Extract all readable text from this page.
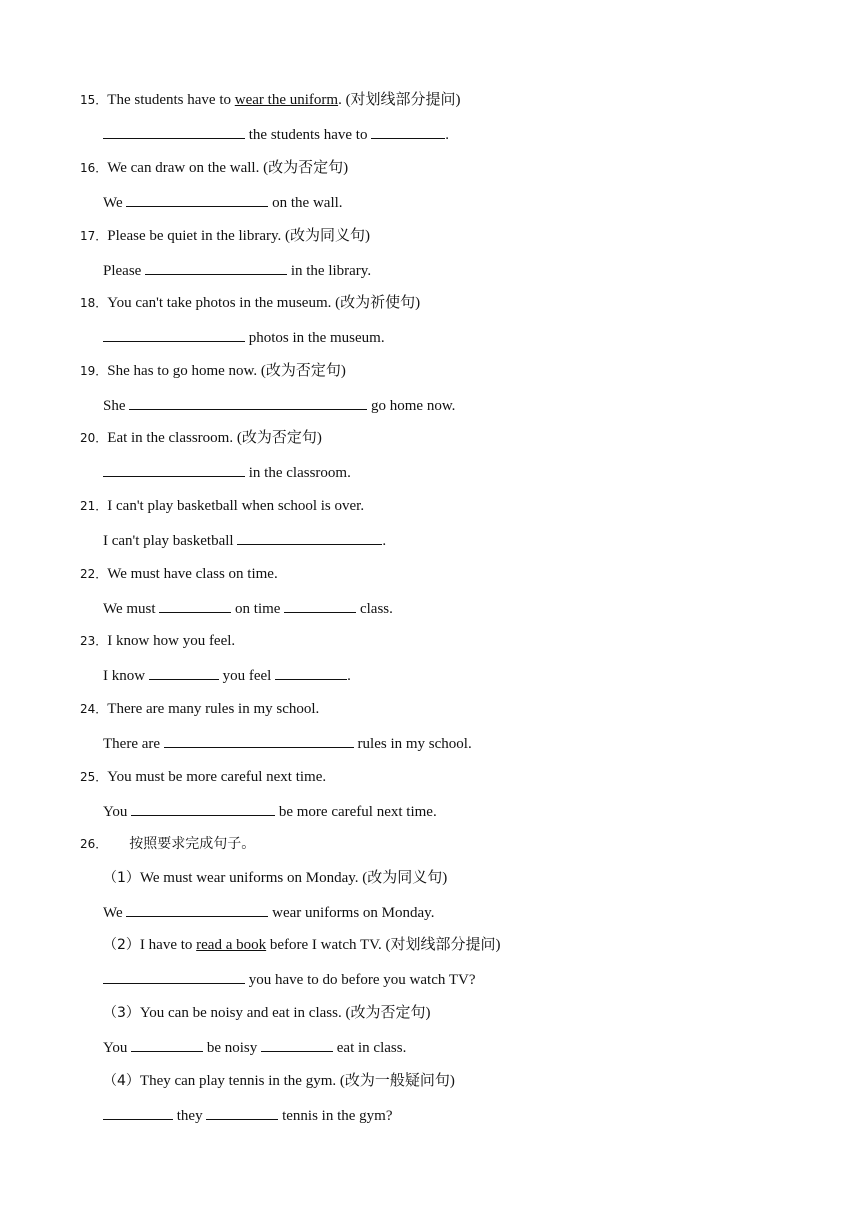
15．The students have to wear the uniform. (对划线部分提问)
the students have to	.
16．We can draw on the wall. (改为否定句)
We	on the wall.
17．Please be quiet in the library. (改为同义句)
Please	in the library.
18．You can't take photos in the museum. (改为祈使句)
photos in the museum.
19．She has to go home now. (改为否定句)
She	go home now.
20．Eat in the classroom. (改为否定句)
in the classroom.
21．I can't play basketball when school is over.
I can't play basketball	.
22．We must have class on time.
We must	on time	class.
23．I know how you feel.
I know	you feel	.
24．There are many rules in my school.
There are	rules in my school.
25．You must be more careful next time.
You	be more careful next time.
26． 按照要求完成句子。
（1）We must wear uniforms on Monday. (改为同义句)
We	wear uniforms on Monday.
（2）I have to read a book before I watch TV. (对划线部分提问)
you have to do before you watch TV?
（3）You can be noisy and eat in class. (改为否定句)
You	be noisy	eat in class.
（4）They can play tennis in the gym. (改为一般疑问句)
they	tennis in the gym?
